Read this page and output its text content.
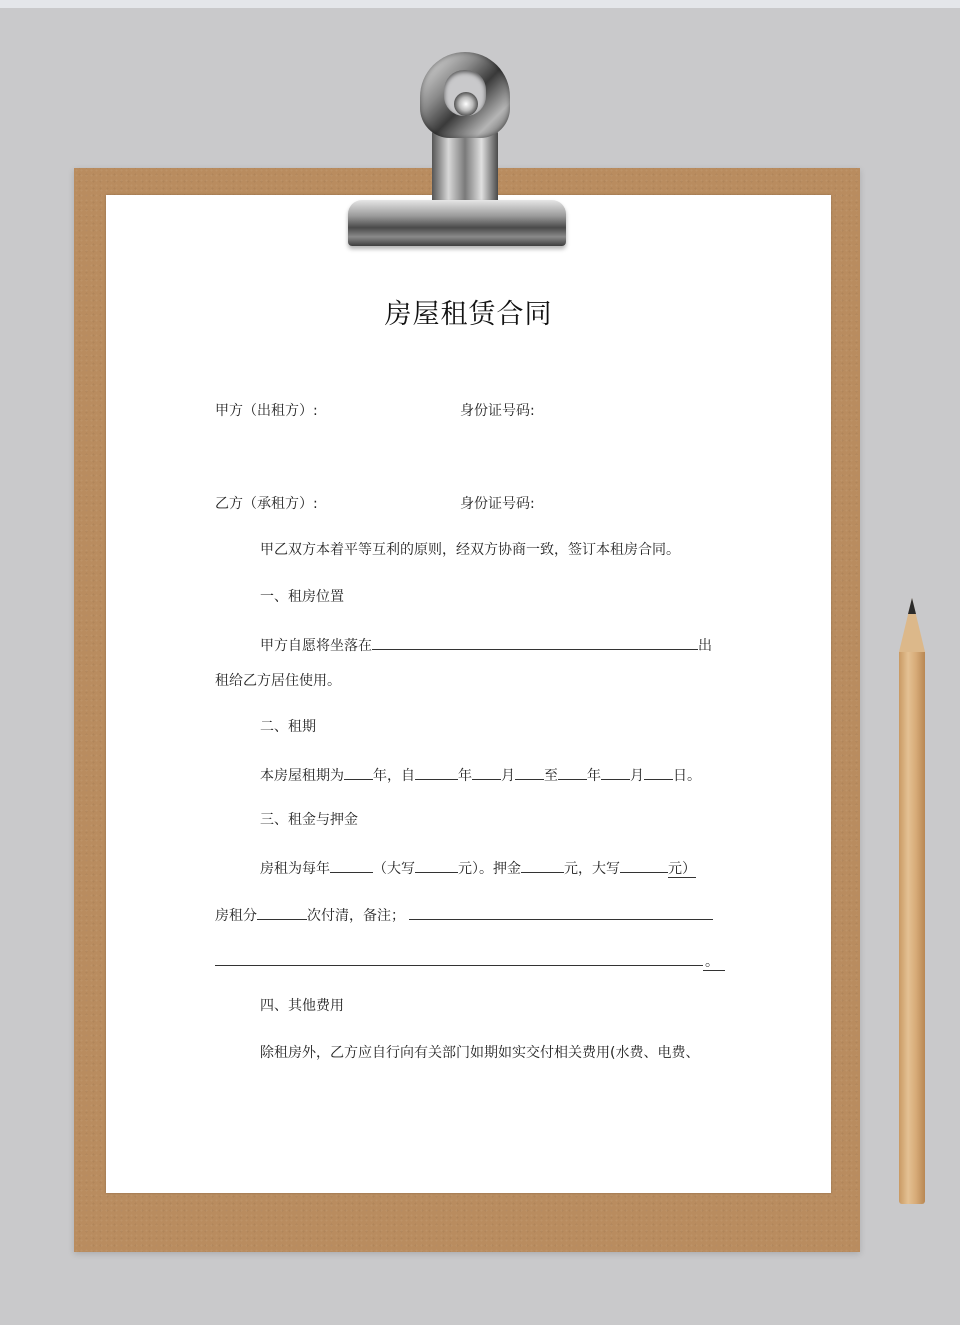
房屋租赁合同
甲方（出租方）:	身份证号码:
乙方（承租方）:	身份证号码:
甲乙双方本着平等互利的原则，经双方协商一致，签订本租房合同。
一、租房位置
甲方自愿将坐落在	出
租给乙方居住使用。
二、租期
本房屋租期为 年，自	年 月 至 年 月 日。
三、租金与押金
房租为每年	（大写	元）。押金	元，大写	元）
房租分	次付清，备注；
。
四、其他费用
除租房外，乙方应自行向有关部门如期如实交付相关费用(水费、电费、
